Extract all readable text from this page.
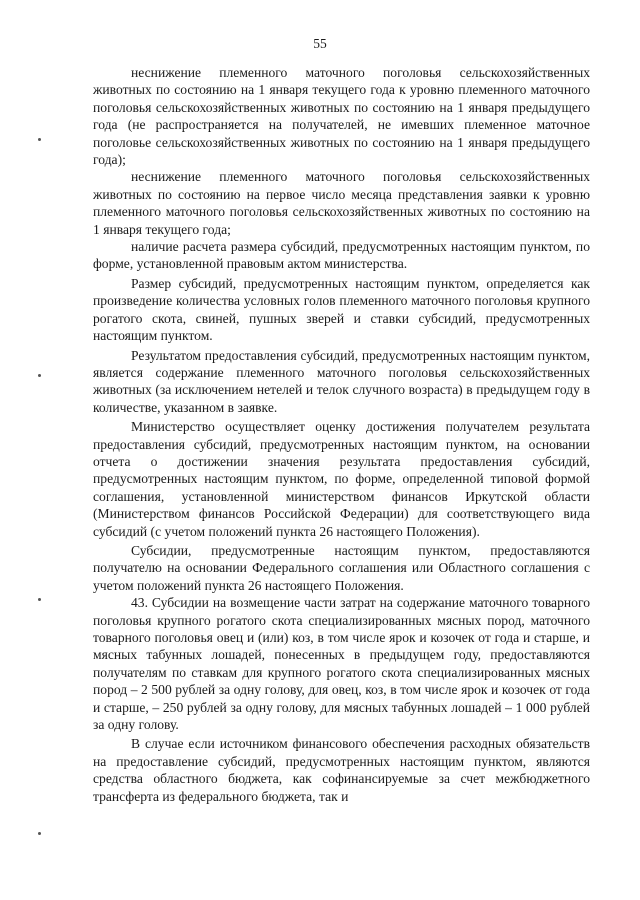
55

неснижение племенного маточного поголовья сельскохозяйственных животных по состоянию на 1 января текущего года к уровню племенного маточного поголовья сельскохозяйственных животных по состоянию на 1 января предыдущего года (не распространяется на получателей, не имевших племенное маточное поголовье сельскохозяйственных животных по состоянию на 1 января предыдущего года);

неснижение племенного маточного поголовья сельскохозяйственных животных по состоянию на первое число месяца представления заявки к уровню племенного маточного поголовья сельскохозяйственных животных по состоянию на 1 января текущего года;

наличие расчета размера субсидий, предусмотренных настоящим пунктом, по форме, установленной правовым актом министерства.

Размер субсидий, предусмотренных настоящим пунктом, определяется как произведение количества условных голов племенного маточного поголовья крупного рогатого скота, свиней, пушных зверей и ставки субсидий, предусмотренных настоящим пунктом.

Результатом предоставления субсидий, предусмотренных настоящим пунктом, является содержание племенного маточного поголовья сельскохозяйственных животных (за исключением нетелей и телок случного возраста) в предыдущем году в количестве, указанном в заявке.

Министерство осуществляет оценку достижения получателем результата предоставления субсидий, предусмотренных настоящим пунктом, на основании отчета о достижении значения результата предоставления субсидий, предусмотренных настоящим пунктом, по форме, определенной типовой формой соглашения, установленной министерством финансов Иркутской области (Министерством финансов Российской Федерации) для соответствующего вида субсидий (с учетом положений пункта 26 настоящего Положения).

Субсидии, предусмотренные настоящим пунктом, предоставляются получателю на основании Федерального соглашения или Областного соглашения с учетом положений пункта 26 настоящего Положения.

43. Субсидии на возмещение части затрат на содержание маточного товарного поголовья крупного рогатого скота специализированных мясных пород, маточного товарного поголовья овец и (или) коз, в том числе ярок и козочек от года и старше, и мясных табунных лошадей, понесенных в предыдущем году, предоставляются получателям по ставкам для крупного рогатого скота специализированных мясных пород – 2 500 рублей за одну голову, для овец, коз, в том числе ярок и козочек от года и старше, – 250 рублей за одну голову, для мясных табунных лошадей – 1 000 рублей за одну голову.

В случае если источником финансового обеспечения расходных обязательств на предоставление субсидий, предусмотренных настоящим пунктом, являются средства областного бюджета, как софинансируемые за счет межбюджетного трансферта из федерального бюджета, так и
